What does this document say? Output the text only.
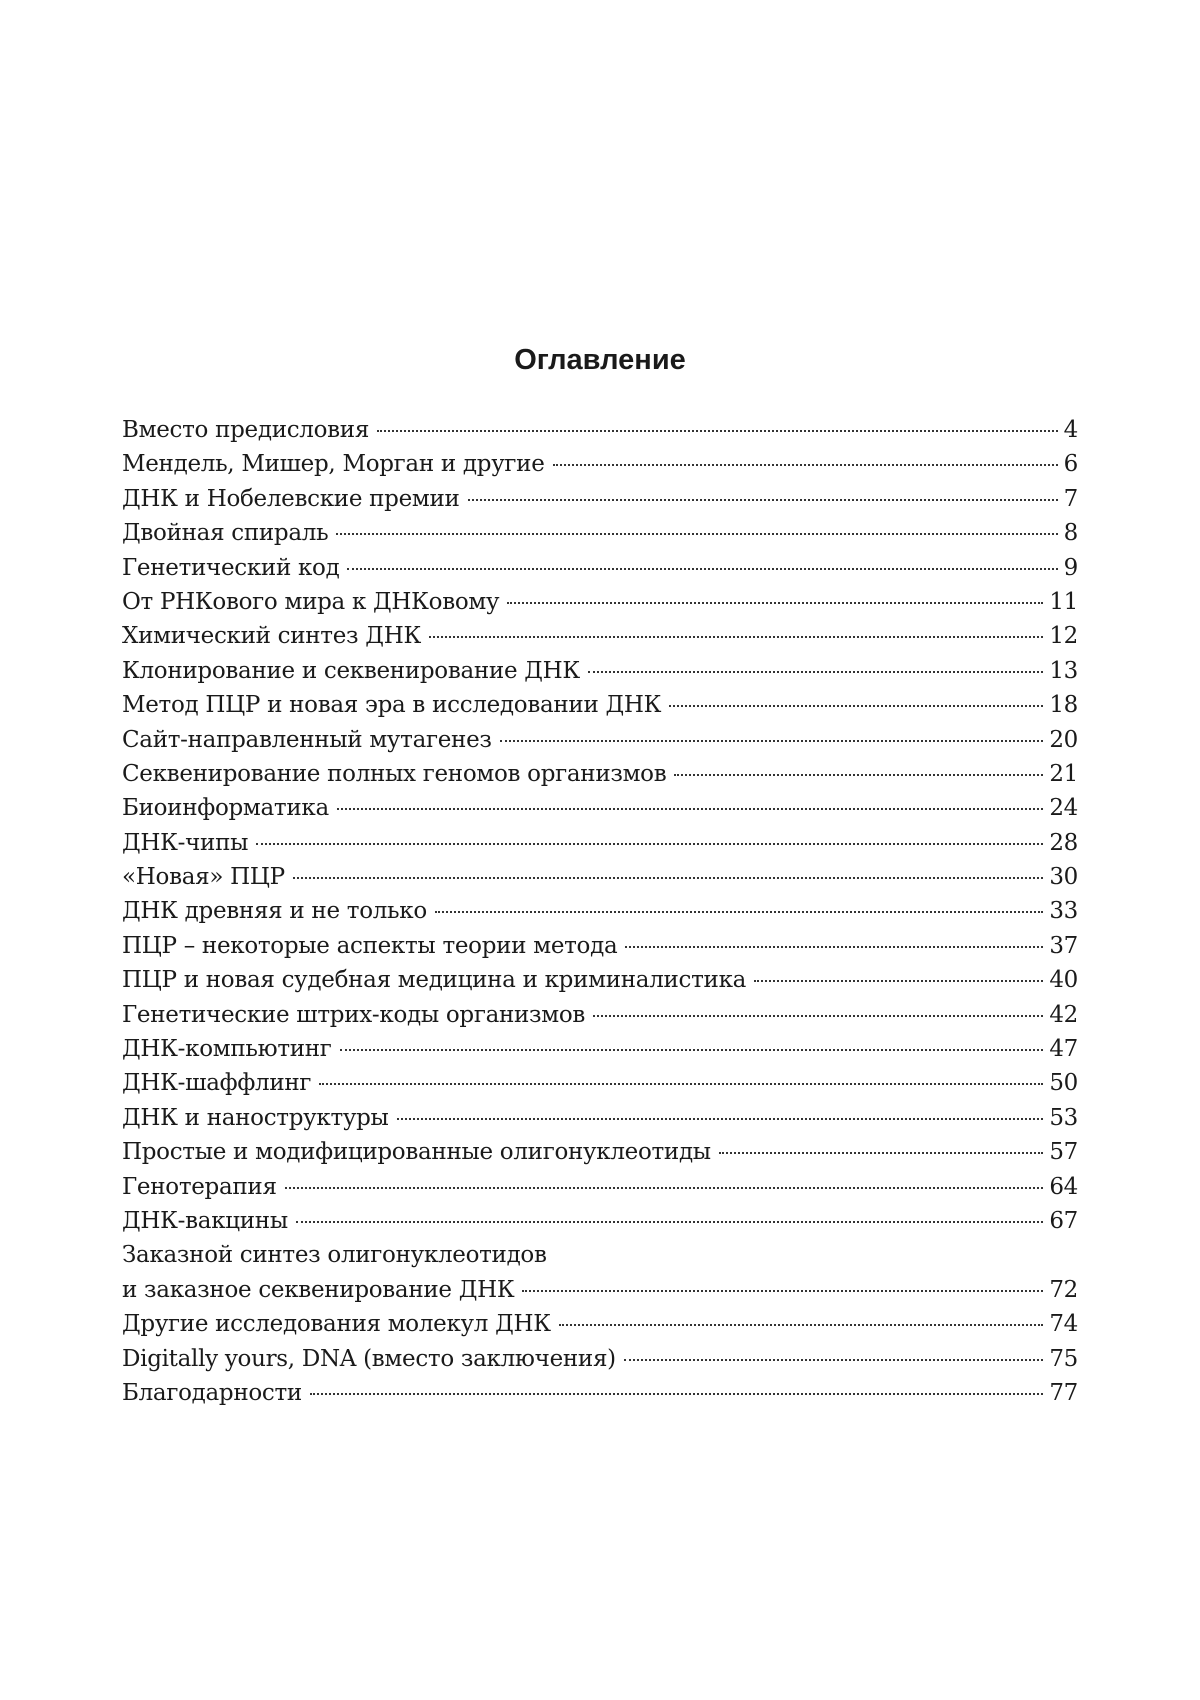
Оглавление
Вместо предисловия	4
Мендель, Мишер, Морган и другие	6
ДНК и Нобелевские премии	7
Двойная спираль	8
Генетический код	9
От РНКового мира к ДНКовому	11
Химический синтез ДНК	12
Клонирование и секвенирование ДНК	13
Метод ПЦР и новая эра в исследовании ДНК	18
Сайт-направленный мутагенез	20
Секвенирование полных геномов организмов	21
Биоинформатика	24
ДНК-чипы	28
«Новая» ПЦР	30
ДНК древняя и не только	33
ПЦР – некоторые аспекты теории метода	37
ПЦР и новая судебная медицина и криминалистика	40
Генетические штрих-коды организмов	42
ДНК-компьютинг	47
ДНК-шаффлинг	50
ДНК и наноструктуры	53
Простые и модифицированные олигонуклеотиды	57
Генотерапия	64
ДНК-вакцины	67
Заказной синтез олигонуклеотидов
и заказное секвенирование ДНК	72
Другие исследования молекул ДНК	74
Digitally yours, DNA (вместо заключения)	75
Благодарности	77
